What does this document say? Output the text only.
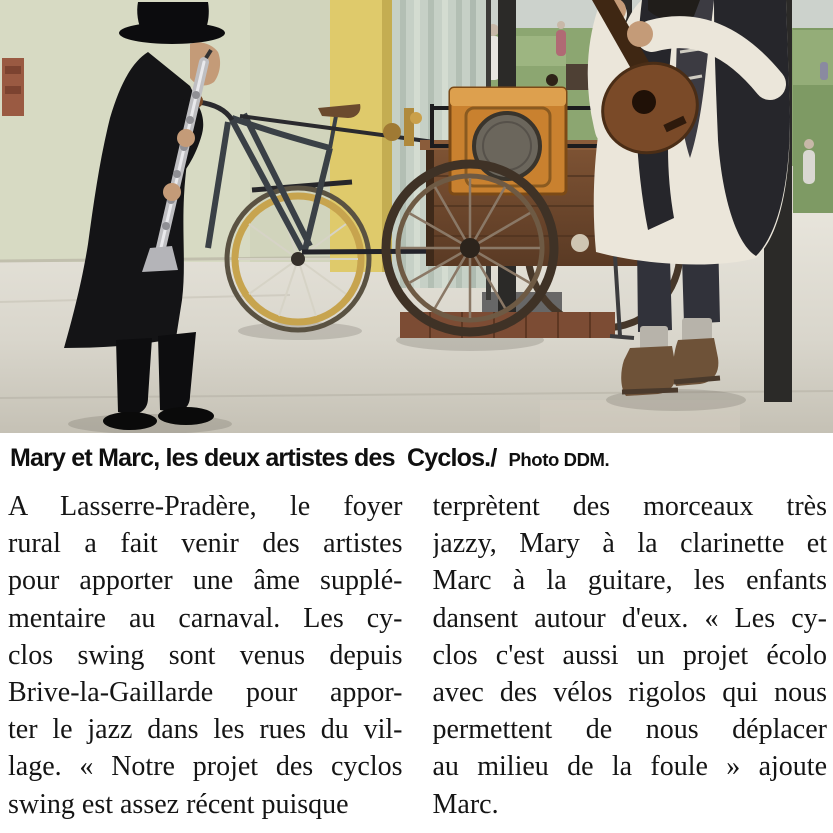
Mary et Marc, les deux artistes des  Cyclos./ Photo DDM.
A Lasserre-Pradère, le foyer
rural a fait venir des artistes
pour apporter une âme supplé-
mentaire au carnaval. Les cy-
clos swing sont venus depuis
Brive-la-Gaillarde pour appor-
ter le jazz dans les rues du vil-
lage. « Notre projet des cyclos
swing est assez récent puisque
terprètent des morceaux très
jazzy, Mary à la clarinette et
Marc à la guitare, les enfants
dansent autour d'eux. « Les cy-
clos c'est aussi un projet écolo
avec des vélos rigolos qui nous
permettent de nous déplacer
au milieu de la foule » ajoute
Marc.
